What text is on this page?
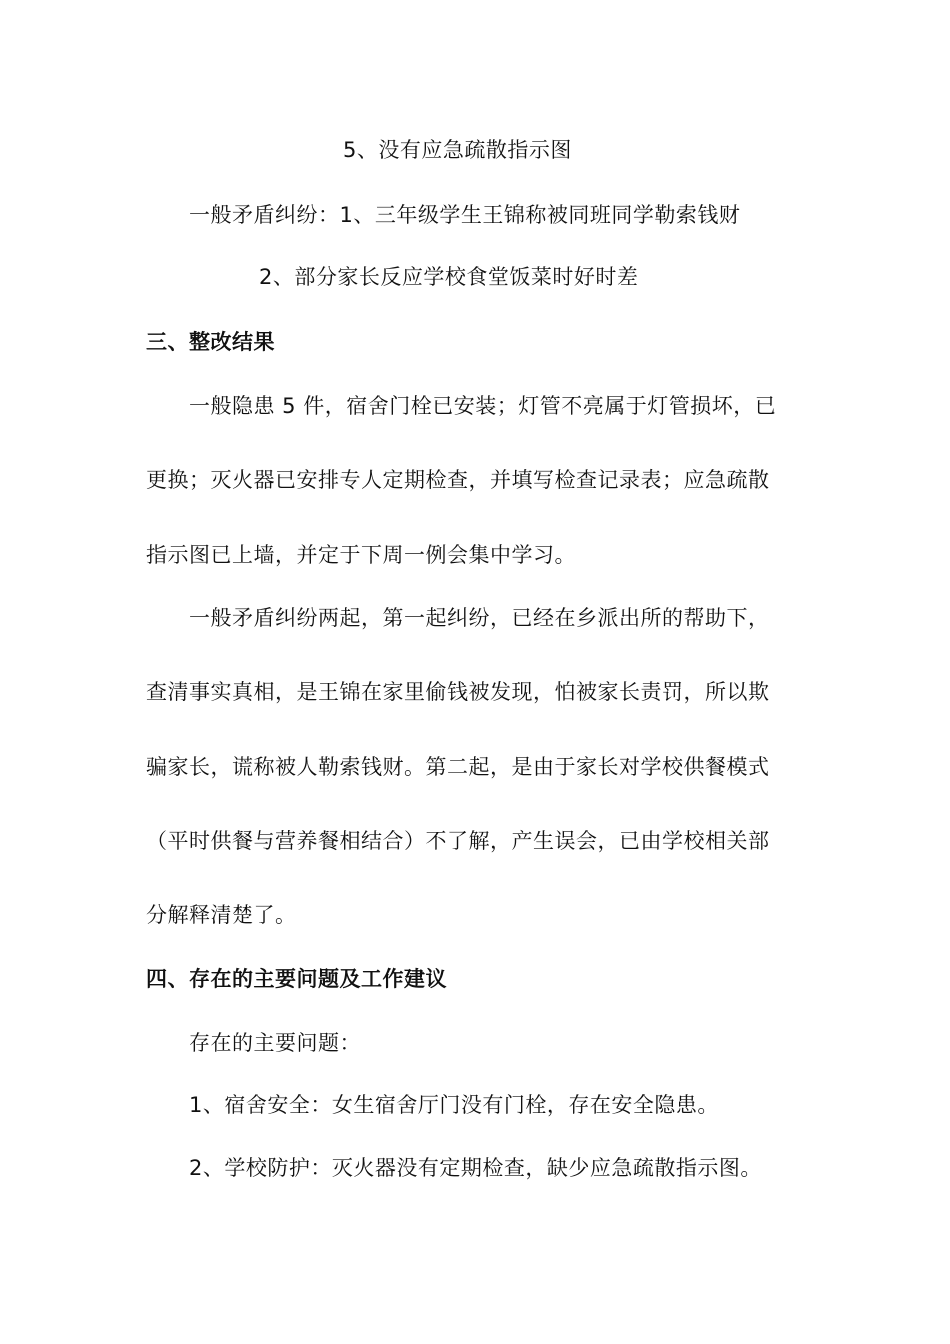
5、没有应急疏散指示图
一般矛盾纠纷：1、三年级学生王锦称被同班同学勒索钱财
2、部分家长反应学校食堂饭菜时好时差
三、整改结果
一般隐患 5 件，宿舍门栓已安装；灯管不亮属于灯管损坏，已
更换；灭火器已安排专人定期检查，并填写检查记录表；应急疏散
指示图已上墙，并定于下周一例会集中学习。
一般矛盾纠纷两起，第一起纠纷，已经在乡派出所的帮助下，
查清事实真相，是王锦在家里偷钱被发现，怕被家长责罚，所以欺
骗家长，谎称被人勒索钱财。第二起，是由于家长对学校供餐模式
（平时供餐与营养餐相结合）不了解，产生误会，已由学校相关部
分解释清楚了。
四、存在的主要问题及工作建议
存在的主要问题：
1、宿舍安全：女生宿舍厅门没有门栓，存在安全隐患。
2、学校防护：灭火器没有定期检查，缺少应急疏散指示图。
